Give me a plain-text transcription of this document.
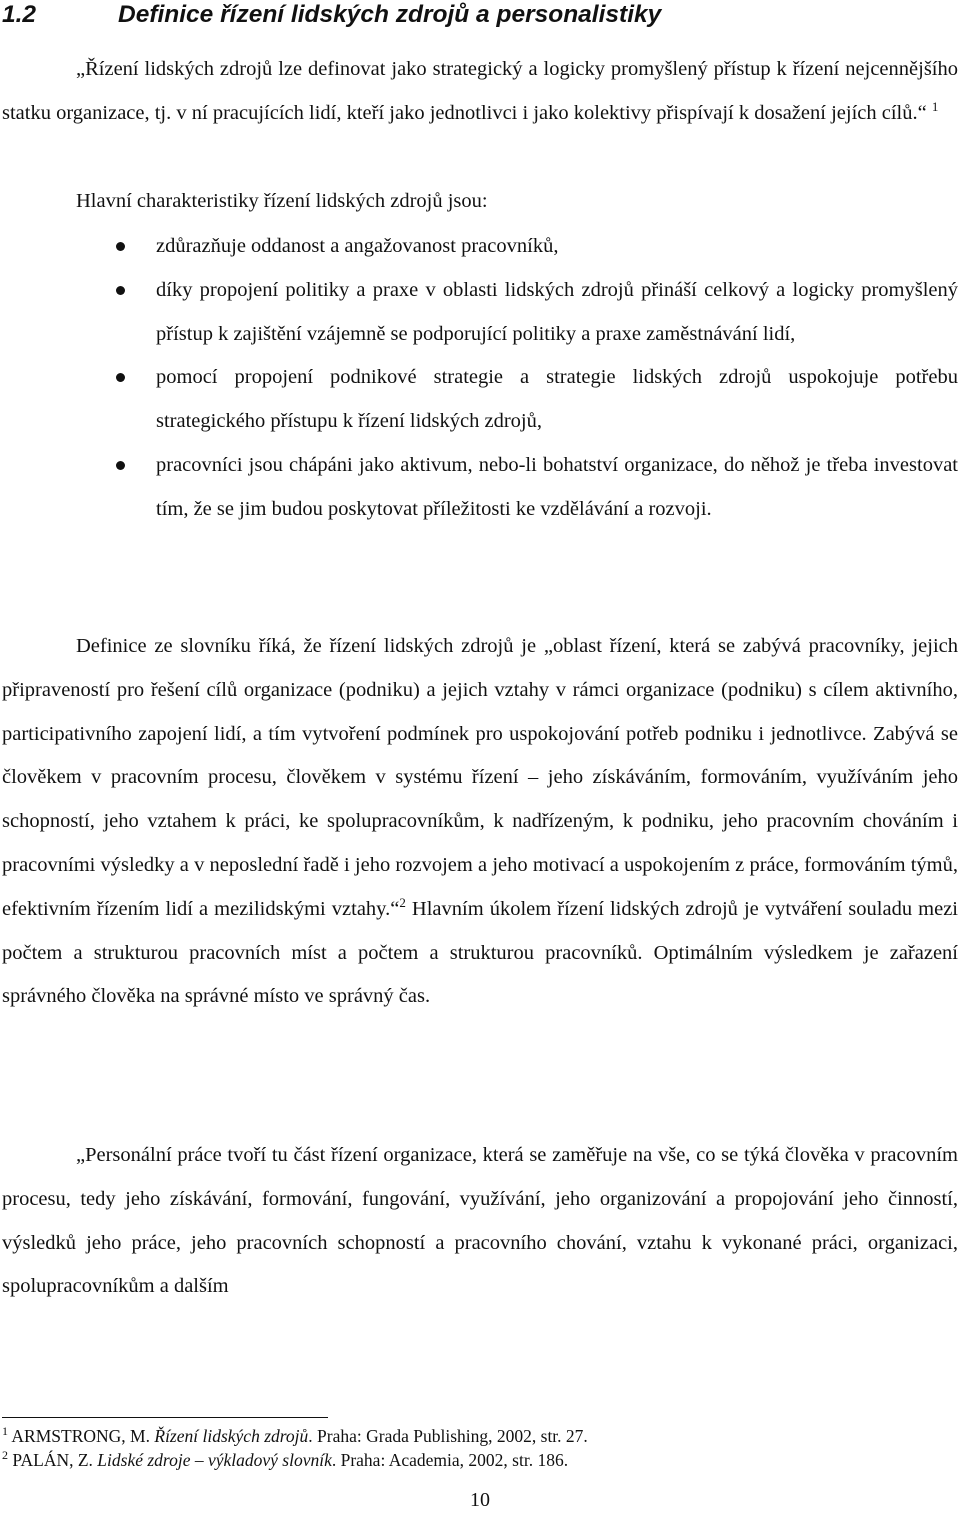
1.2	Definice řízení lidských zdrojů a personalistiky
„Řízení lidských zdrojů lze definovat jako strategický a logicky promyšlený přístup k řízení nejcennějšího statku organizace, tj. v ní pracujících lidí, kteří jako jednotlivci i jako kolektivy přispívají k dosažení jejích cílů.“ $^1$
Hlavní charakteristiky řízení lidských zdrojů jsou:
zdůrazňuje oddanost a angažovanost pracovníků,
díky propojení politiky a praxe v oblasti lidských zdrojů přináší celkový a logicky promyšlený přístup k zajištění vzájemně se podporující politiky a praxe zaměstnávání lidí,
pomocí propojení podnikové strategie a strategie lidských zdrojů uspokojuje potřebu strategického přístupu k řízení lidských zdrojů,
pracovníci jsou chápáni jako aktivum, nebo-li bohatství organizace, do něhož je třeba investovat tím, že se jim budou poskytovat příležitosti ke vzdělávání a rozvoji.
Definice ze slovníku říká, že řízení lidských zdrojů je „oblast řízení, která se zabývá pracovníky, jejich připraveností pro řešení cílů organizace (podniku) a jejich vztahy v rámci organizace (podniku) s cílem aktivního, participativního zapojení lidí, a tím vytvoření podmínek pro uspokojování potřeb podniku i jednotlivce. Zabývá se člověkem v pracovním procesu, člověkem v systému řízení – jeho získáváním, formováním, využíváním jeho schopností, jeho vztahem k práci, ke spolupracovníkům, k nadřízeným, k podniku, jeho pracovním chováním i pracovními výsledky a v neposlední řadě i jeho rozvojem a jeho motivací a uspokojením z práce, formováním týmů, efektivním řízením lidí a mezilidskými vztahy.“$^2$ Hlavním úkolem řízení lidských zdrojů je vytváření souladu mezi počtem a strukturou pracovních míst a počtem a strukturou pracovníků. Optimálním výsledkem je zařazení správného člověka na správné místo ve správný čas.
„Personální práce tvoří tu část řízení organizace, která se zaměřuje na vše, co se týká člověka v pracovním procesu, tedy jeho získávání, formování, fungování, využívání, jeho organizování a propojování jeho činností, výsledků jeho práce, jeho pracovních schopností a pracovního chování, vztahu k vykonané práci, organizaci, spolupracovníkům a dalším
$^1$ ARMSTRONG, M. Řízení lidských zdrojů. Praha: Grada Publishing, 2002, str. 27.
$^2$ PALÁN, Z. Lidské zdroje – výkladový slovník. Praha: Academia, 2002, str. 186.
10
